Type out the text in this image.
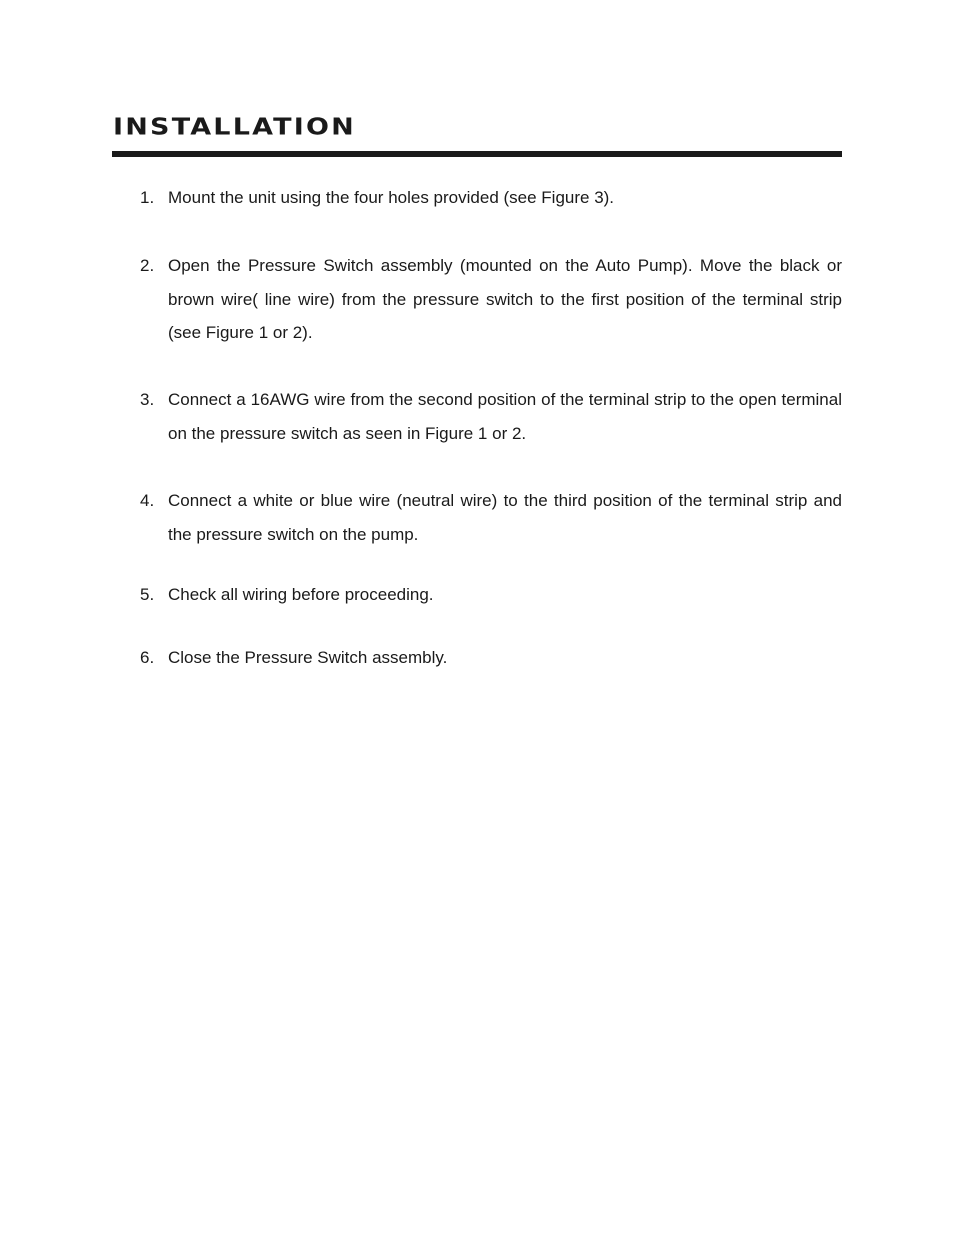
INSTALLATION
1. Mount the unit using the four holes provided (see Figure 3).
2. Open the Pressure Switch assembly (mounted on the Auto Pump). Move the black or brown wire( line wire) from the pressure switch to the first position of the terminal strip (see Figure 1 or 2).
3. Connect a 16AWG wire from the second position of the terminal strip to the open terminal on the pressure switch as seen in Figure 1 or 2.
4. Connect a white or blue wire (neutral wire) to the third position of the terminal strip and the pressure switch on the pump.
5. Check all wiring before proceeding.
6. Close the Pressure Switch assembly.
